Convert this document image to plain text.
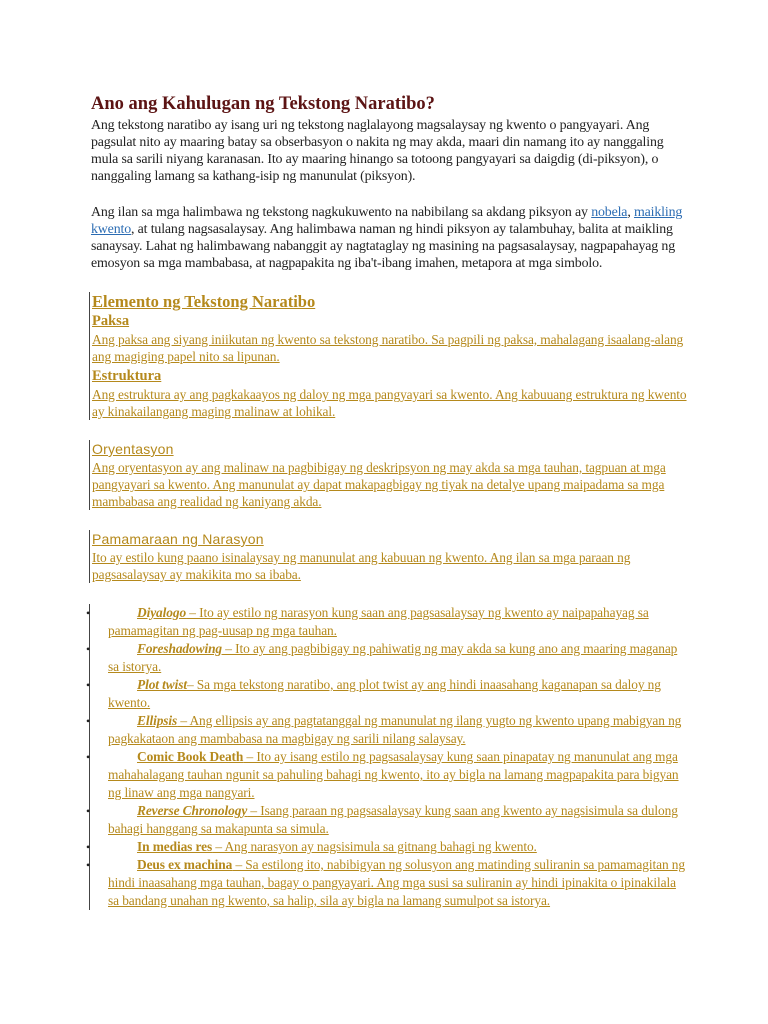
Ano ang Kahulugan ng Tekstong Naratibo?

Ang tekstong naratibo ay isang uri ng tekstong naglalayong magsalaysay ng kwento o pangyayari. Ang pagsulat nito ay maaring batay sa obserbasyon o nakita ng may akda, maari din namang ito ay nanggaling mula sa sarili niyang karanasan. Ito ay maaring hinango sa totoong pangyayari sa daigdig (di-piksyon), o nanggaling lamang sa kathang-isip ng manunulat (piksyon).

Ang ilan sa mga halimbawa ng tekstong nagkukuwento na nabibilang sa akdang piksyon ay nobela, maikling kwento, at tulang nagsasalaysay. Ang halimbawa naman ng hindi piksyon ay talambuhay, balita at maikling sanaysay. Lahat ng halimbawang nabanggit ay nagtataglay ng masining na pagsasalaysay, nagpapahayag ng emosyon sa mga mambabasa, at nagpapakita ng iba't-ibang imahen, metapora at mga simbolo.

Elemento ng Tekstong Naratibo
Paksa

Ang paksa ang siyang iniikutan ng kwento sa tekstong naratibo. Sa pagpili ng paksa, mahalagang isaalang-alang ang magiging papel nito sa lipunan.

Estruktura

Ang estruktura ay ang pagkakaayos ng daloy ng mga pangyayari sa kwento. Ang kabuuang estruktura ng kwento ay kinakailangang maging malinaw at lohikal.

Oryentasyon

Ang oryentasyon ay ang malinaw na pagbibigay ng deskripsyon ng may akda sa mga tauhan, tagpuan at mga pangyayari sa kwento. Ang manunulat ay dapat makapagbigay ng tiyak na detalye upang maipadama sa mga mambabasa ang realidad ng kaniyang akda.

Pamamaraan ng Narasyon

Ito ay estilo kung paano isinalaysay ng manunulat ang kabuuan ng kwento. Ang ilan sa mga paraan ng pagsasalaysay ay makikita mo sa ibaba.

•	Diyalogo – Ito ay estilo ng narasyon kung saan ang pagsasalaysay ng kwento ay naipapahayag sa pamamagitan ng pag-uusap ng mga tauhan.
•	Foreshadowing – Ito ay ang pagbibigay ng pahiwatig ng may akda sa kung ano ang maaring maganap sa istorya.
•	Plot twist– Sa mga tekstong naratibo, ang plot twist ay ang hindi inaasahang kaganapan sa daloy ng kwento.
•	Ellipsis – Ang ellipsis ay ang pagtatanggal ng manunulat ng ilang yugto ng kwento upang mabigyan ng pagkakataon ang mambabasa na magbigay ng sarili nilang salaysay.
•	Comic Book Death – Ito ay isang estilo ng pagsasalaysay kung saan pinapatay ng manunulat ang mga mahahalagang tauhan ngunit sa pahuling bahagi ng kwento, ito ay bigla na lamang magpapakita para bigyan ng linaw ang mga nangyari.
•	Reverse Chronology – Isang paraan ng pagsasalaysay kung saan ang kwento ay nagsisimula sa dulong bahagi hanggang sa makapunta sa simula.
•	In medias res – Ang narasyon ay nagsisimula sa gitnang bahagi ng kwento.
•	Deus ex machina – Sa estilong ito, nabibigyan ng solusyon ang matinding suliranin sa pamamagitan ng hindi inaasahang mga tauhan, bagay o pangyayari. Ang mga susi sa suliranin ay hindi ipinakita o ipinakilala sa bandang unahan ng kwento, sa halip, sila ay bigla na lamang sumulpot sa istorya.
